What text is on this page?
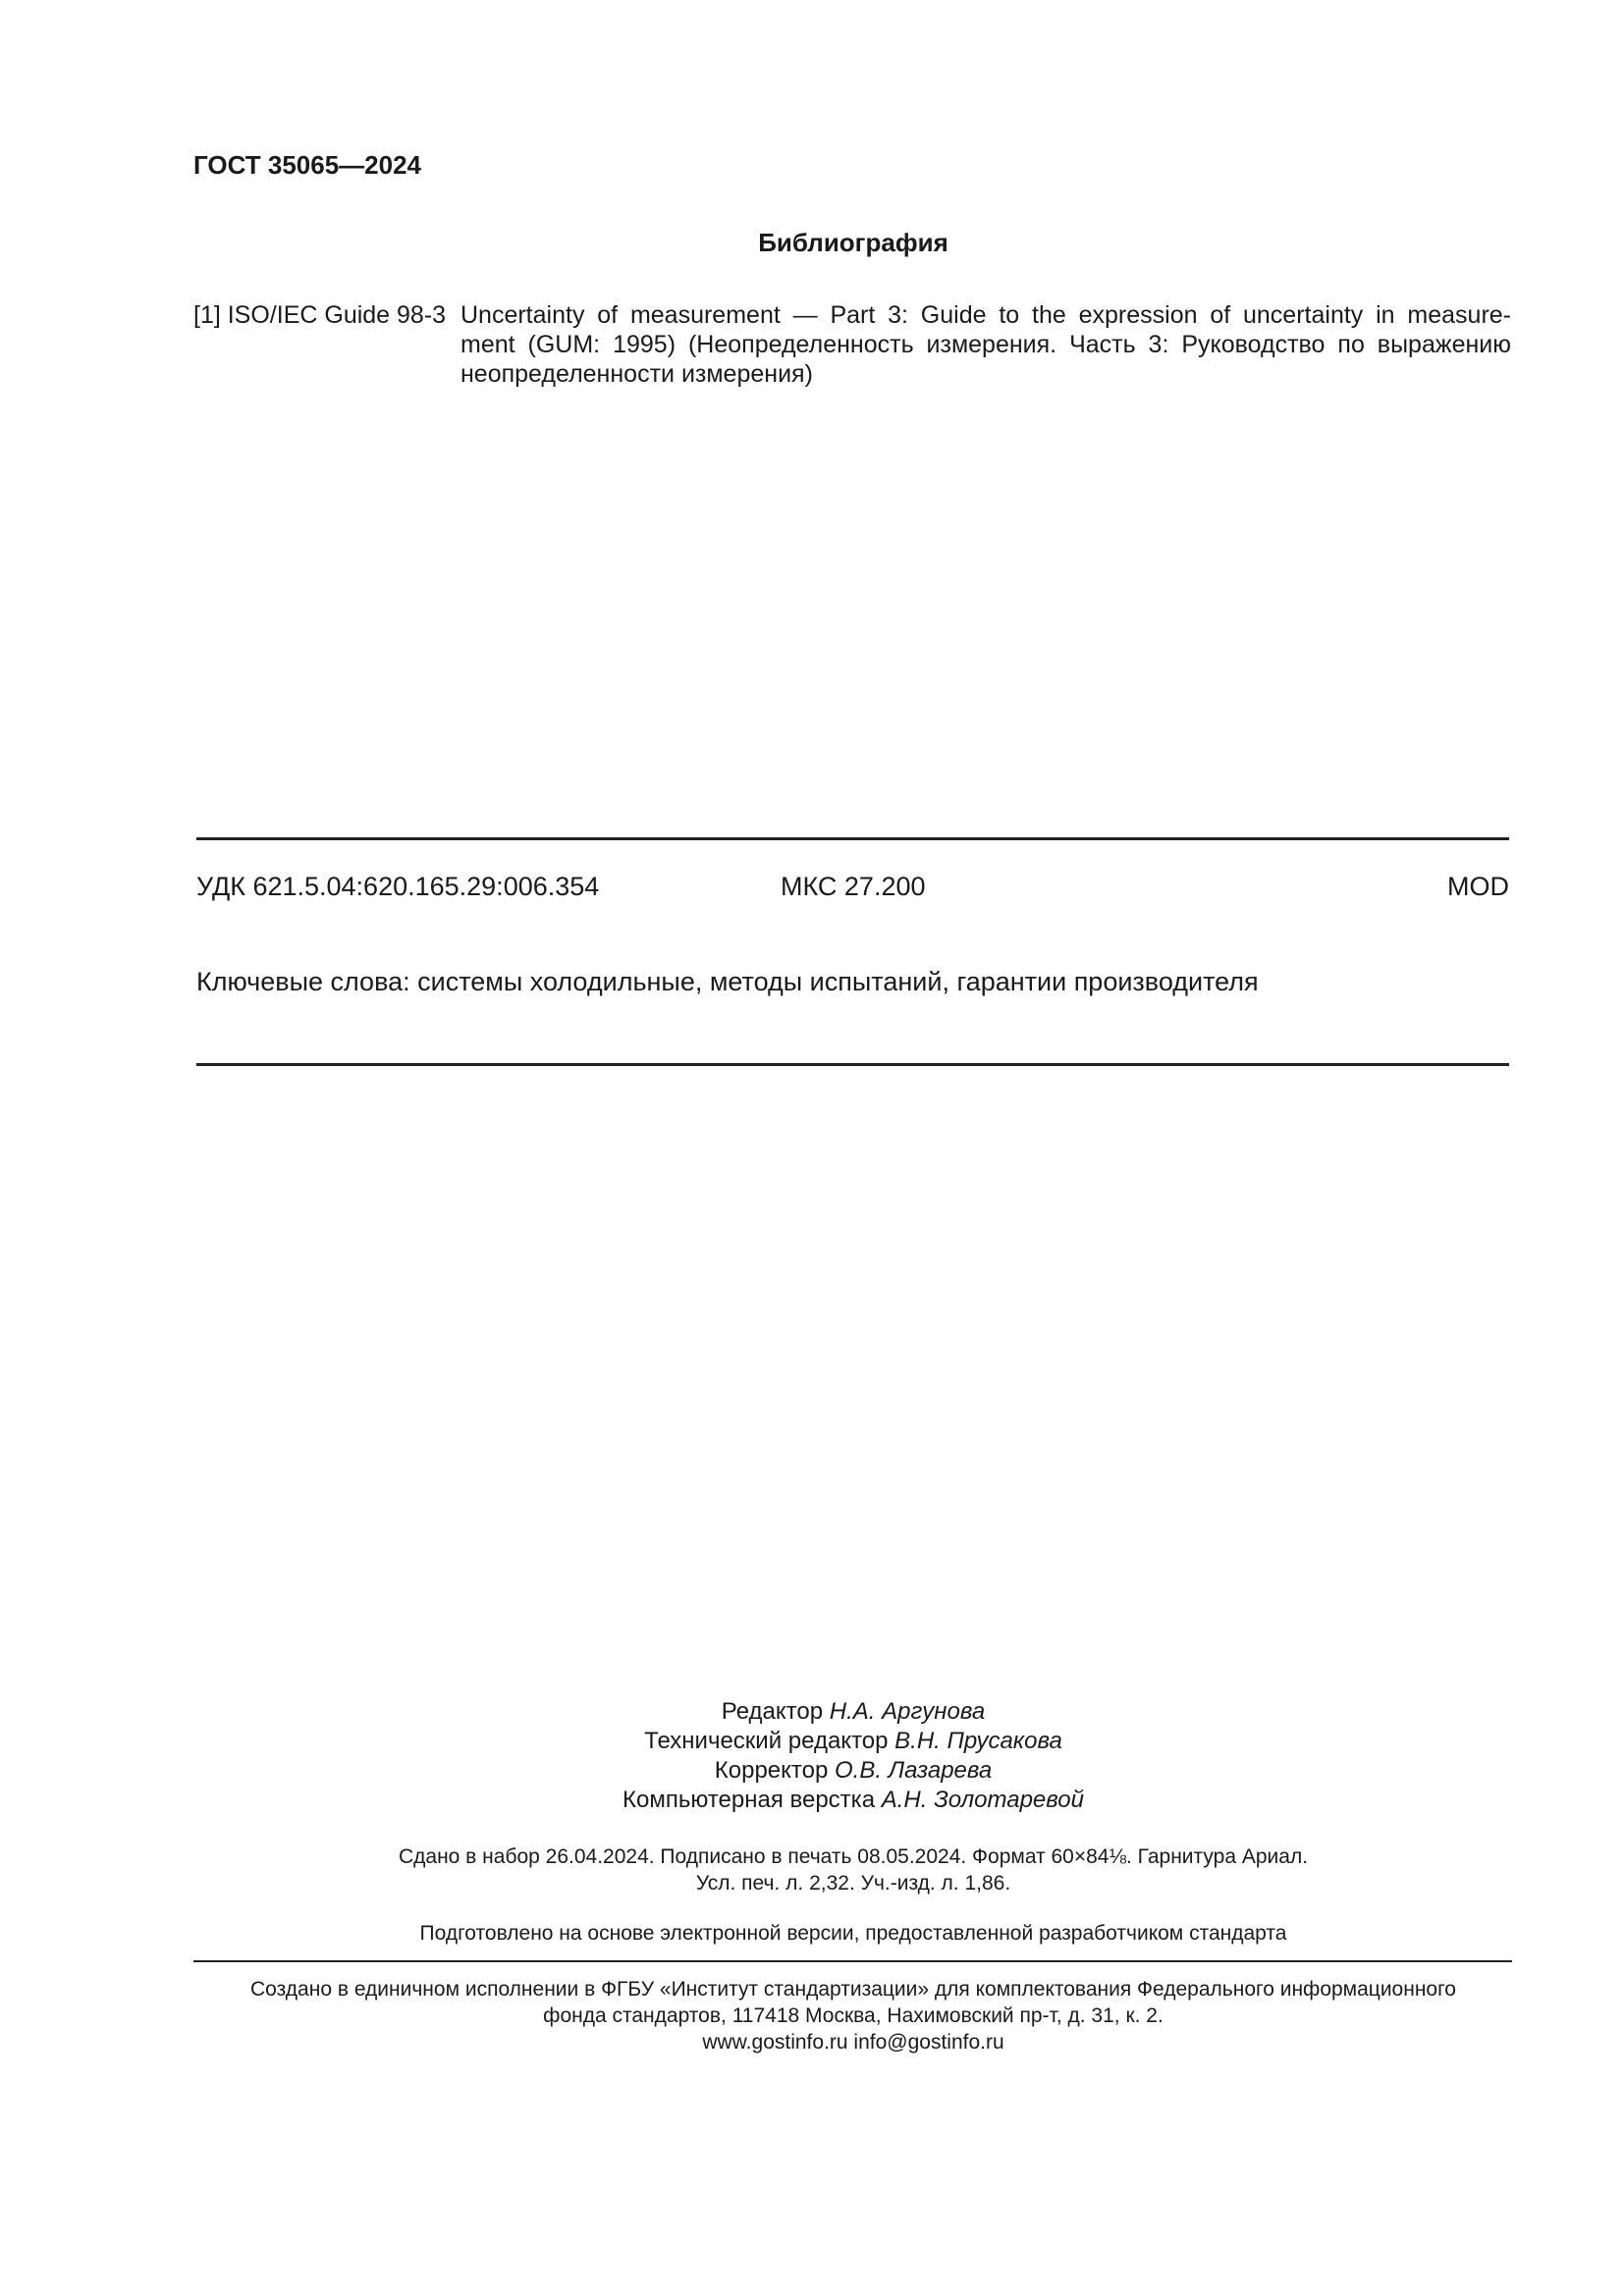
ГОСТ 35065—2024
Библиография
[1] ISO/IEC Guide 98-3 Uncertainty of measurement — Part 3: Guide to the expression of uncertainty in measure-
ment (GUM: 1995) (Неопределенность измерения. Часть 3: Руководство по выражению
неопределенности измерения)
УДК 621.5.04:620.165.29:006.354	МКС 27.200	MOD
Ключевые слова: системы холодильные, методы испытаний, гарантии производителя
Редактор Н.А. Аргунова
Технический редактор В.Н. Прусакова
Корректор О.В. Лазарева
Компьютерная верстка А.Н. Золотаревой
Сдано в набор 26.04.2024. Подписано в печать 08.05.2024. Формат 60×84⅛. Гарнитура Ариал.
Усл. печ. л. 2,32. Уч.-изд. л. 1,86.
Подготовлено на основе электронной версии, предоставленной разработчиком стандарта
Создано в единичном исполнении в ФГБУ «Институт стандартизации» для комплектования Федерального информационного
фонда стандартов, 117418 Москва, Нахимовский пр-т, д. 31, к. 2.
www.gostinfo.ru info@gostinfo.ru
